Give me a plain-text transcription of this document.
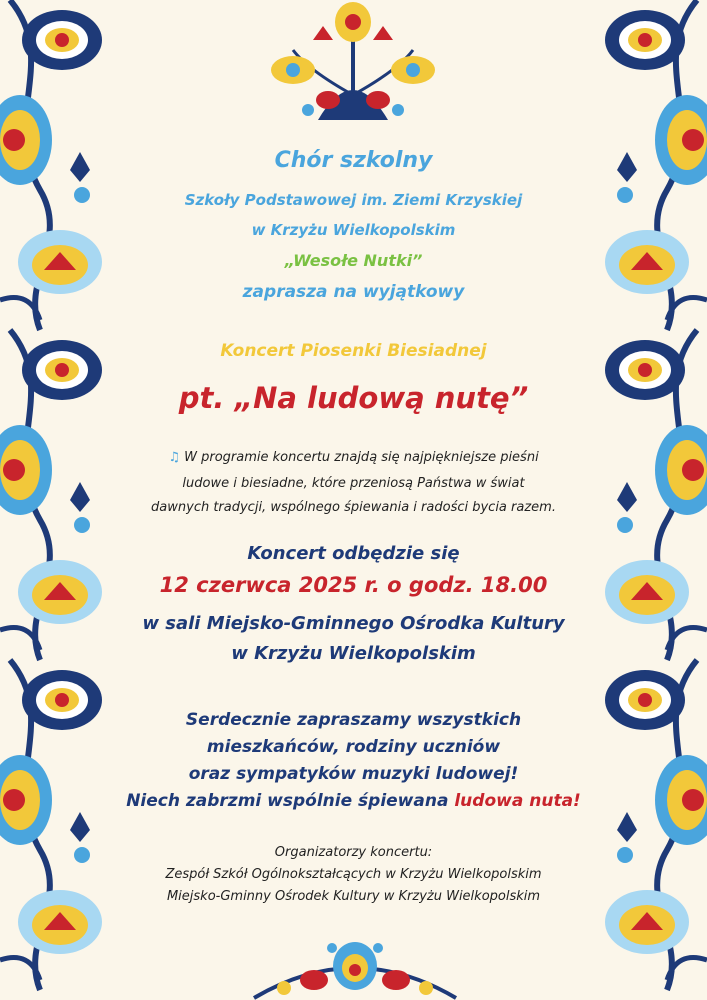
Chór szkolny
Szkoły Podstawowej im. Ziemi Krzyskiej
w Krzyżu Wielkopolskim
„Wesołe Nutki”
zaprasza na wyjątkowy
Koncert Piosenki Biesiadnej
pt. „Na ludową nutę”
♫ W programie koncertu znajdą się najpiękniejsze pieśni
ludowe i biesiadne, które przeniosą Państwa w świat
dawnych tradycji, wspólnego śpiewania i radości bycia razem.
Koncert odbędzie się
12 czerwca 2025 r. o godz. 18.00
w sali Miejsko-Gminnego Ośrodka Kultury
w Krzyżu Wielkopolskim
Serdecznie zapraszamy wszystkich
mieszkańców, rodziny uczniów
oraz sympatyków muzyki ludowej!
Niech zabrzmi wspólnie śpiewana ludowa nuta!
Organizatorzy koncertu:
Zespół Szkół Ogólnokształcących w Krzyżu Wielkopolskim
Miejsko-Gminny Ośrodek Kultury w Krzyżu Wielkopolskim
